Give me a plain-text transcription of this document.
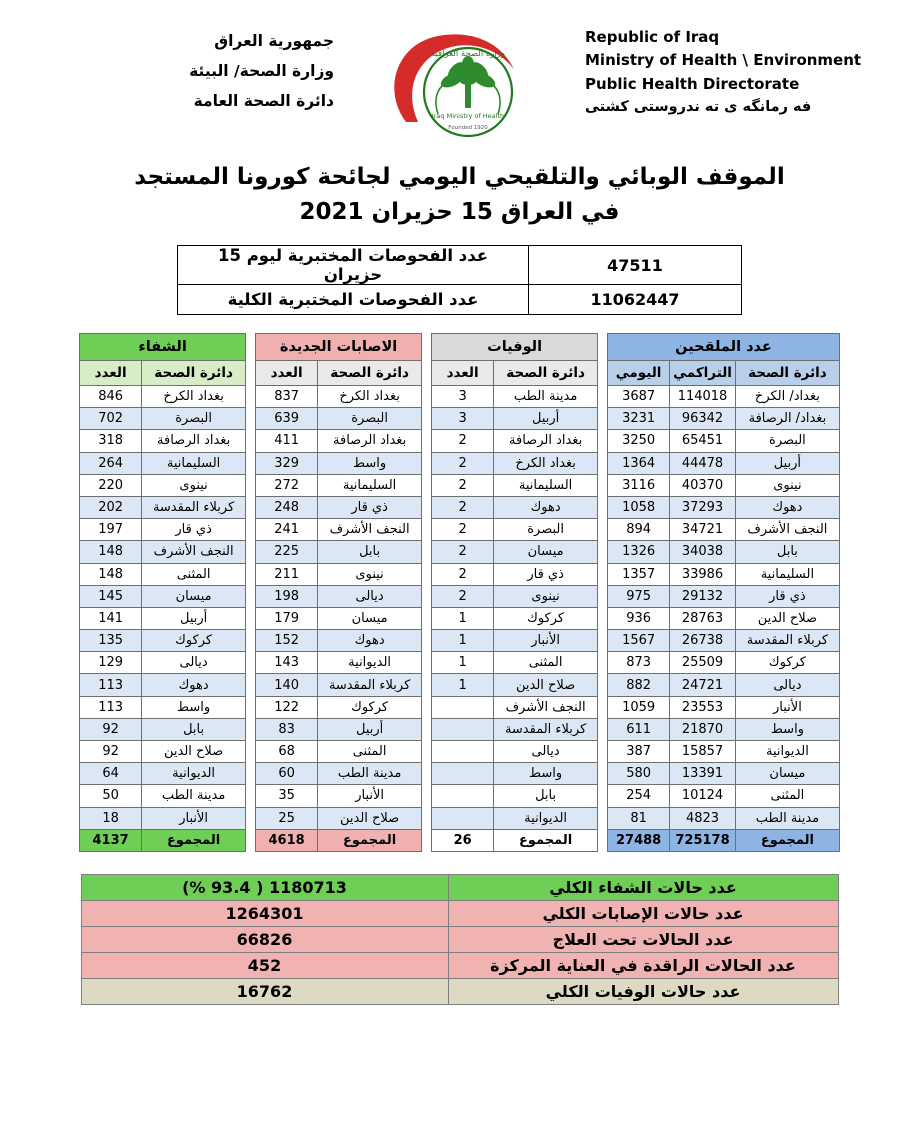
Republic of Iraq
Ministry of Health \ Environment
Public Health Directorate
فه رمانگه ى ته ندروستى كشتى
وزارة الصحة العراقية
Iraq Ministry of Health
Founded 1920
جمهورية العراق
وزارة الصحة/ البيئة
دائرة الصحة العامة
الموقف الوبائي والتلقيحي اليومي لجائحة كورونا المستجد
في العراق 15 حزيران 2021
47511	عدد الفحوصات المختبرية ليوم 15 حزيران
11062447	عدد الفحوصات المختبرية الكلية
عدد الملقحين		
دائرة الصحة	التراكمي	اليومي
بغداد/ الكرخ	114018	3687
بغداد/ الرصافة	96342	3231
البصرة	65451	3250
أربيل	44478	1364
نينوى	40370	3116
دهوك	37293	1058
النجف الأشرف	34721	894
بابل	34038	1326
السليمانية	33986	1357
ذي قار	29132	975
صلاح الدين	28763	936
كربلاء المقدسة	26738	1567
كركوك	25509	873
ديالى	24721	882
الأنبار	23553	1059
واسط	21870	611
الديوانية	15857	387
ميسان	13391	580
المثنى	10124	254
مدينة الطب	4823	81
المجموع	725178	27488
الوفيات	
دائرة الصحة	العدد
مدينة الطب	3
أربيل	3
بغداد الرصافة	2
بغداد الكرخ	2
السليمانية	2
دهوك	2
البصرة	2
ميسان	2
ذي قار	2
نينوى	2
كركوك	1
الأنبار	1
المثنى	1
صلاح الدين	1
النجف الأشرف	
كربلاء المقدسة	
ديالى	
واسط	
بابل	
الديوانية	
المجموع	26
الاصابات الجديدة	
دائرة الصحة	العدد
بغداد الكرخ	837
البصرة	639
بغداد الرصافة	411
واسط	329
السليمانية	272
ذي قار	248
النجف الأشرف	241
بابل	225
نينوى	211
ديالى	198
ميسان	179
دهوك	152
الديوانية	143
كربلاء المقدسة	140
كركوك	122
أربيل	83
المثنى	68
مدينة الطب	60
الأنبار	35
صلاح الدين	25
المجموع	4618
الشفاء	
دائرة الصحة	العدد
بغداد الكرخ	846
البصرة	702
بغداد الرصافة	318
السليمانية	264
نينوى	220
كربلاء المقدسة	202
ذي قار	197
النجف الأشرف	148
المثنى	148
ميسان	145
أربيل	141
كركوك	135
ديالى	129
دهوك	113
واسط	113
بابل	92
صلاح الدين	92
الديوانية	64
مدينة الطب	50
الأنبار	18
المجموع	4137
عدد حالات الشفاء الكلي	1180713 ( 93.4 %)
عدد حالات الإصابات الكلي	1264301
عدد الحالات تحت العلاج	66826
عدد الحالات الراقدة في العناية المركزة	452
عدد حالات الوفيات الكلي	16762
